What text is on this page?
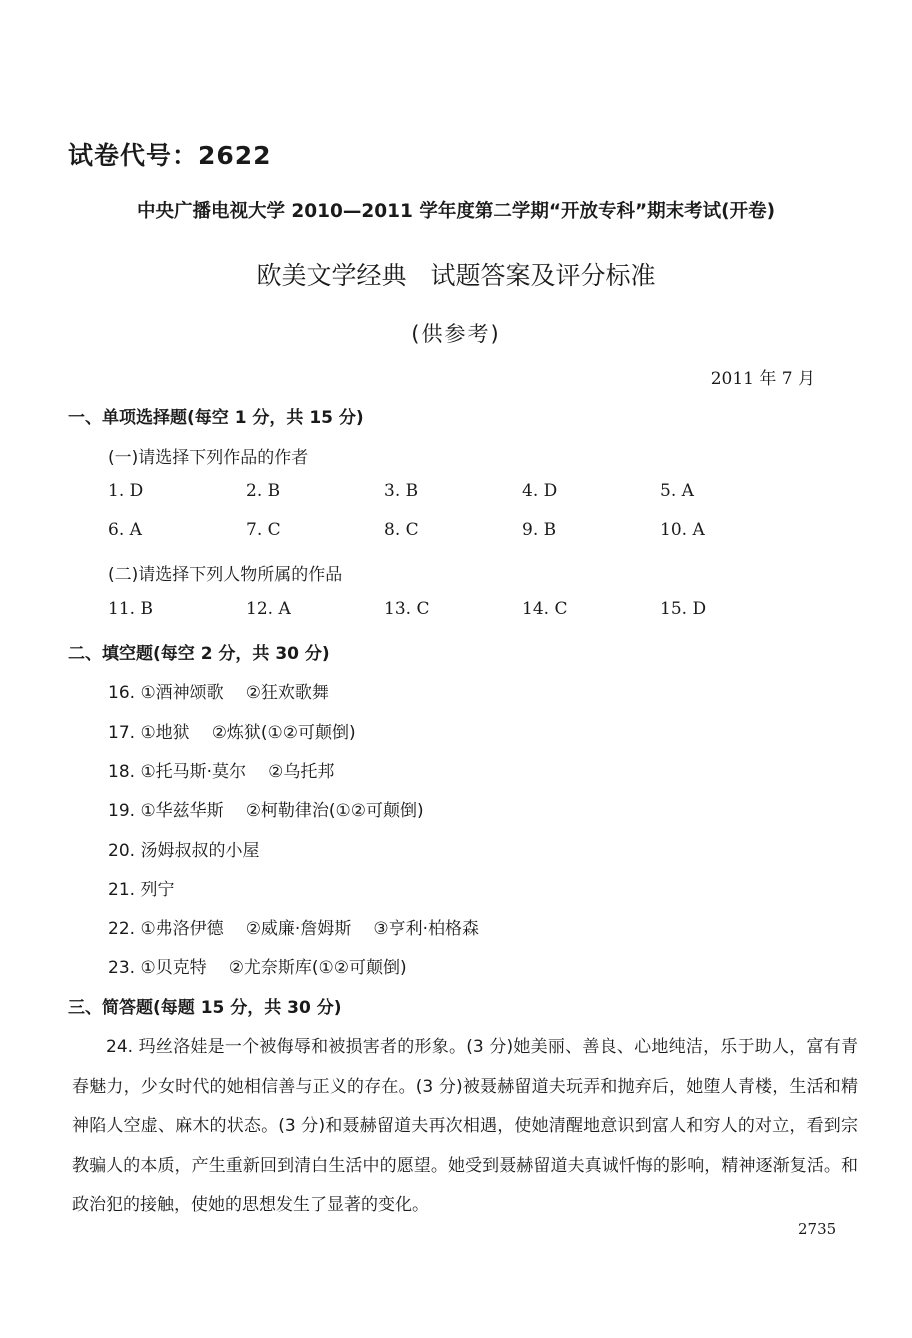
试卷代号：2622
中央广播电视大学 2010—2011 学年度第二学期“开放专科”期末考试(开卷)
欧美文学经典 试题答案及评分标准
(供参考)
2011 年 7 月
一、单项选择题(每空 1 分，共 15 分)
(一)请选择下列作品的作者
1. D	2. B	3. B	4. D	5. A
6. A	7. C	8. C	9. B	10. A
(二)请选择下列人物所属的作品
11. B	12. A	13. C	14. C	15. D
二、填空题(每空 2 分，共 30 分)
16. ①酒神颂歌 ②狂欢歌舞
17. ①地狱 ②炼狱(①②可颠倒)
18. ①托马斯·莫尔 ②乌托邦
19. ①华兹华斯 ②柯勒律治(①②可颠倒)
20. 汤姆叔叔的小屋
21. 列宁
22. ①弗洛伊德 ②威廉·詹姆斯 ③亨利·柏格森
23. ①贝克特 ②尤奈斯库(①②可颠倒)
三、简答题(每题 15 分，共 30 分)
24. 玛丝洛娃是一个被侮辱和被损害者的形象。(3 分)她美丽、善良、心地纯洁，乐于助人，富有青春魅力，少女时代的她相信善与正义的存在。(3 分)被聂赫留道夫玩弄和抛弃后，她堕人青楼，生活和精神陷人空虚、麻木的状态。(3 分)和聂赫留道夫再次相遇，使她清醒地意识到富人和穷人的对立，看到宗教骗人的本质，产生重新回到清白生活中的愿望。她受到聂赫留道夫真诚忏悔的影响，精神逐渐复活。和政治犯的接触，使她的思想发生了显著的变化。
2735
